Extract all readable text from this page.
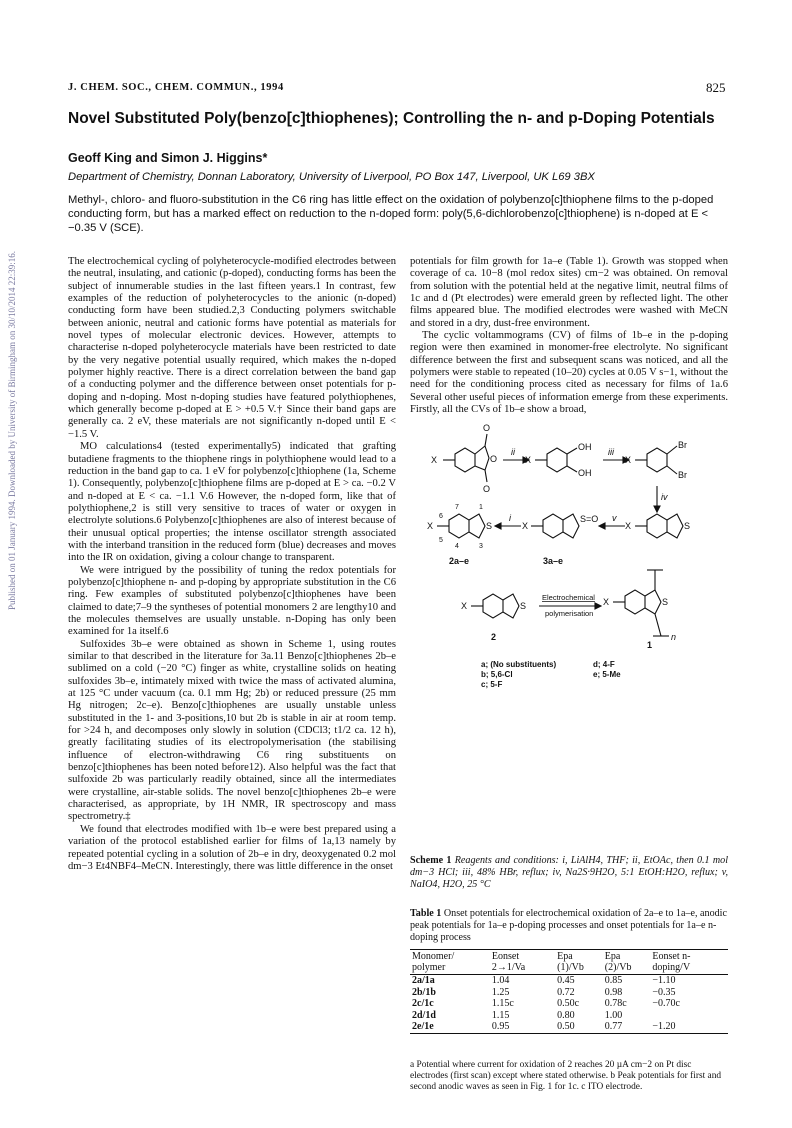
J. CHEM. SOC., CHEM. COMMUN., 1994	825
Published on 01 January 1994. Downloaded by University of Birmingham on 30/10/2014 22:39:16.
Novel Substituted Poly(benzo[c]thiophenes); Controlling the n- and p-Doping Potentials
Geoff King and Simon J. Higgins*
Department of Chemistry, Donnan Laboratory, University of Liverpool, PO Box 147, Liverpool, UK L69 3BX
Methyl-, chloro- and fluoro-substitution in the C6 ring has little effect on the oxidation of polybenzo[c]thiophene films to the p-doped conducting form, but has a marked effect on reduction to the n-doped form: poly(5,6-dichlorobenzo[c]thiophene) is n-doped at E < −0.35 V (SCE).

The electrochemical cycling of polyheterocycle-modified electrodes between the neutral, insulating, and cationic (p-doped), conducting forms has been the subject of innumerable studies in the last fifteen years.1 In contrast, few examples of the reduction of polyheterocycles to the anionic (n-doped) conducting form have been studied.2,3 Conducting polymers switchable between anionic, neutral and cationic forms have potential as materials for novel types of molecular electronic devices. However, attempts to characterise n-doped polyheterocycle materials have been restricted to date by the very negative potential usually required, which makes the n-doped polymer highly reactive. There is a direct correlation between the band gap of a conducting polymer and the difference between onset potentials for p-doping and n-doping. Most n-doping studies have featured polythiophenes, which generally become p-doped at E > +0.5 V.† Since their band gaps are generally ca. 2 eV, these materials are not significantly n-doped until E < −1.5 V.

MO calculations4 (tested experimentally5) indicated that grafting butadiene fragments to the thiophene rings in polythiophene would lead to a reduction in the band gap to ca. 1 eV for polybenzo[c]thiophene (1a, Scheme 1). Consequently, polybenzo[c]thiophene films are p-doped at E > ca. −0.2 V and n-doped at E < ca. −1.1 V.6 However, the n-doped form, like that of polythiophene,2 is still very sensitive to traces of water or oxygen in electrolyte solutions.6 Polybenzo[c]thiophenes are also of interest because of their unusual optical properties; the intense oscillator strength associated with the interband transition in the reduced form (blue) decreases and moves into the IR on oxidation, giving a colour change to transparent.

We were intrigued by the possibility of tuning the redox potentials for polybenzo[c]thiophene n- and p-doping by appropriate substitution in the C6 ring. Few examples of substituted polybenzo[c]thiophenes have been claimed to date;7–9 the syntheses of potential monomers 2 are lengthy10 and the molecules themselves are usually unstable. n-Doping has only been examined for 1a itself.6

Sulfoxides 3b–e were obtained as shown in Scheme 1, using routes similar to that described in the literature for 3a.11 Benzo[c]thiophenes 2b–e sublimed on a cold (−20 °C) finger as white, crystalline solids on heating sulfoxides 3b–e, intimately mixed with twice the mass of activated alumina, at 125 °C under vacuum (ca. 0.1 mm Hg; 2b) or reduced pressure (25 mm Hg nitrogen; 2c–e). Benzo[c]thiophenes are usually unstable unless substituted in the 1- and 3-positions,10 but 2b is stable in air at room temp. for >24 h, and decomposes only slowly in solution (CDCl3; t1/2 ca. 12 h), greatly facilitating studies of its electropolymerisation (the stabilising influence of electron-withdrawing C6 ring substituents on benzo[c]thiophenes has been noted before12). Also helpful was the fact that sulfoxide 2b was particularly readily obtained, since all the intermediates were crystalline, air-stable solids. The novel benzo[c]thiophenes 2b–e were characterised, as appropriate, by 1H NMR, IR spectroscopy and mass spectrometry.‡

We found that electrodes modified with 1b–e were best prepared using a variation of the protocol established earlier for films of 1a,13 namely by repeated potential cycling in a solution of 2b–e in dry, deoxygenated 0.2 mol dm−3 Et4NBF4–MeCN. Interestingly, there was little difference in the onset

potentials for film growth for 1a–e (Table 1). Growth was stopped when coverage of ca. 10−8 (mol redox sites) cm−2 was obtained. On removal from solution with the potential held at the negative limit, neutral films of 1c and d (Pt electrodes) were emerald green by reflected light. The other films appeared blue. The modified electrodes were washed with MeCN and stored in a dry, dust-free environment.

The cyclic voltammograms (CV) of films of 1b–e in the p-doping region were then examined in monomer-free electrolyte. No significant difference between the first and subsequent scans was noticed, and all the polymers were stable to repeated (10–20) cycles at 0.05 V s−1, without the need for the conditioning process cited as necessary for films of 1a.6 Several other useful pieces of information emerge from these experiments. Firstly, all the CVs of 1b–e show a broad,

O
O
O
X
ii
X
OH
OH
iii
X
Br
Br
iv
X	S
7
6
5
4
1
3
2a–e
i
X
S=O
3a–e
v
X	S
X	S
2
Electrochemical
polymerisation
X	S
n
1
a; (No substituents)
b; 5,6-Cl
c; 5-F
d; 4-F
e; 5-Me
Scheme 1 Reagents and conditions: i, LiAlH4, THF; ii, EtOAc, then 0.1 mol dm−3 HCl; iii, 48% HBr, reflux; iv, Na2S·9H2O, 5:1 EtOH:H2O, reflux; v, NaIO4, H2O, 25 °C
Table 1 Onset potentials for electrochemical oxidation of 2a–e to 1a–e, anodic peak potentials for 1a–e p-doping processes and onset potentials for 1a–e n-doping process
Monomer/ polymer	Eonset 2→1/Va	Epa (1)/Vb	Epa (2)/Vb	Eonset n-doping/V
2a/1a	1.04	0.45	0.85	−1.10
2b/1b	1.25	0.72	0.98	−0.35
2c/1c	1.15c	0.50c	0.78c	−0.70c
2d/1d	1.15	0.80	1.00	
2e/1e	0.95	0.50	0.77	−1.20
a Potential where current for oxidation of 2 reaches 20 µA cm−2 on Pt disc electrodes (first scan) except where stated otherwise. b Peak potentials for first and second anodic waves as seen in Fig. 1 for 1c. c ITO electrode.
